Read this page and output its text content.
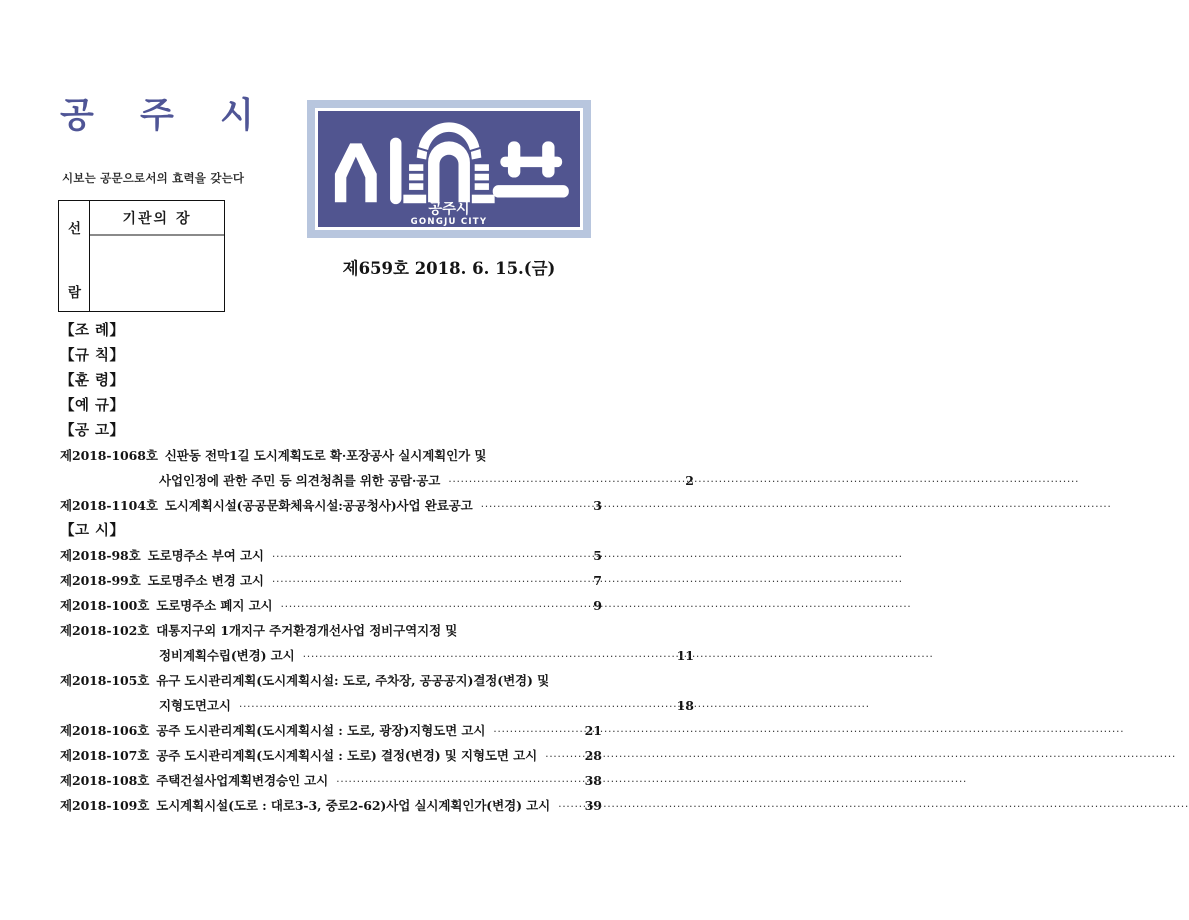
공 주 시
시보는 공문으로서의 효력을 갖는다
선
람
기관의 장
공주시
GONGJU CITY
제659호 2018. 6. 15.(금)
【조 례】
【규 칙】
【훈 령】
【예 규】
【공 고】
제2018-1068호 신판동 전막1길 도시계획도로 확·포장공사 실시계획인가 및
사업인정에 관한 주민 등 의견청취를 위한 공람·공고 ·····	2
제2018-1104호 도시계획시설(공공문화체육시설:공공청사)사업 완료공고 ·····	3
【고 시】
제2018-98호 도로명주소 부여 고시 ·····	5
제2018-99호 도로명주소 변경 고시 ·····	7
제2018-100호 도로명주소 폐지 고시 ·····	9
제2018-102호 대통지구외 1개지구 주거환경개선사업 정비구역지정 및
정비계획수립(변경) 고시 ·····	11
제2018-105호 유구 도시관리계획(도시계획시설: 도로, 주차장, 공공공지)결정(변경) 및
지형도면고시 ·····	18
제2018-106호 공주 도시관리계획(도시계획시설 : 도로, 광장)지형도면 고시 ·····	21
제2018-107호 공주 도시관리계획(도시계획시설 : 도로) 결정(변경) 및 지형도면 고시 ·····	28
제2018-108호 주택건설사업계획변경승인 고시 ·····	38
제2018-109호 도시계획시설(도로 : 대로3-3, 중로2-62)사업 실시계획인가(변경) 고시 ·····	39
